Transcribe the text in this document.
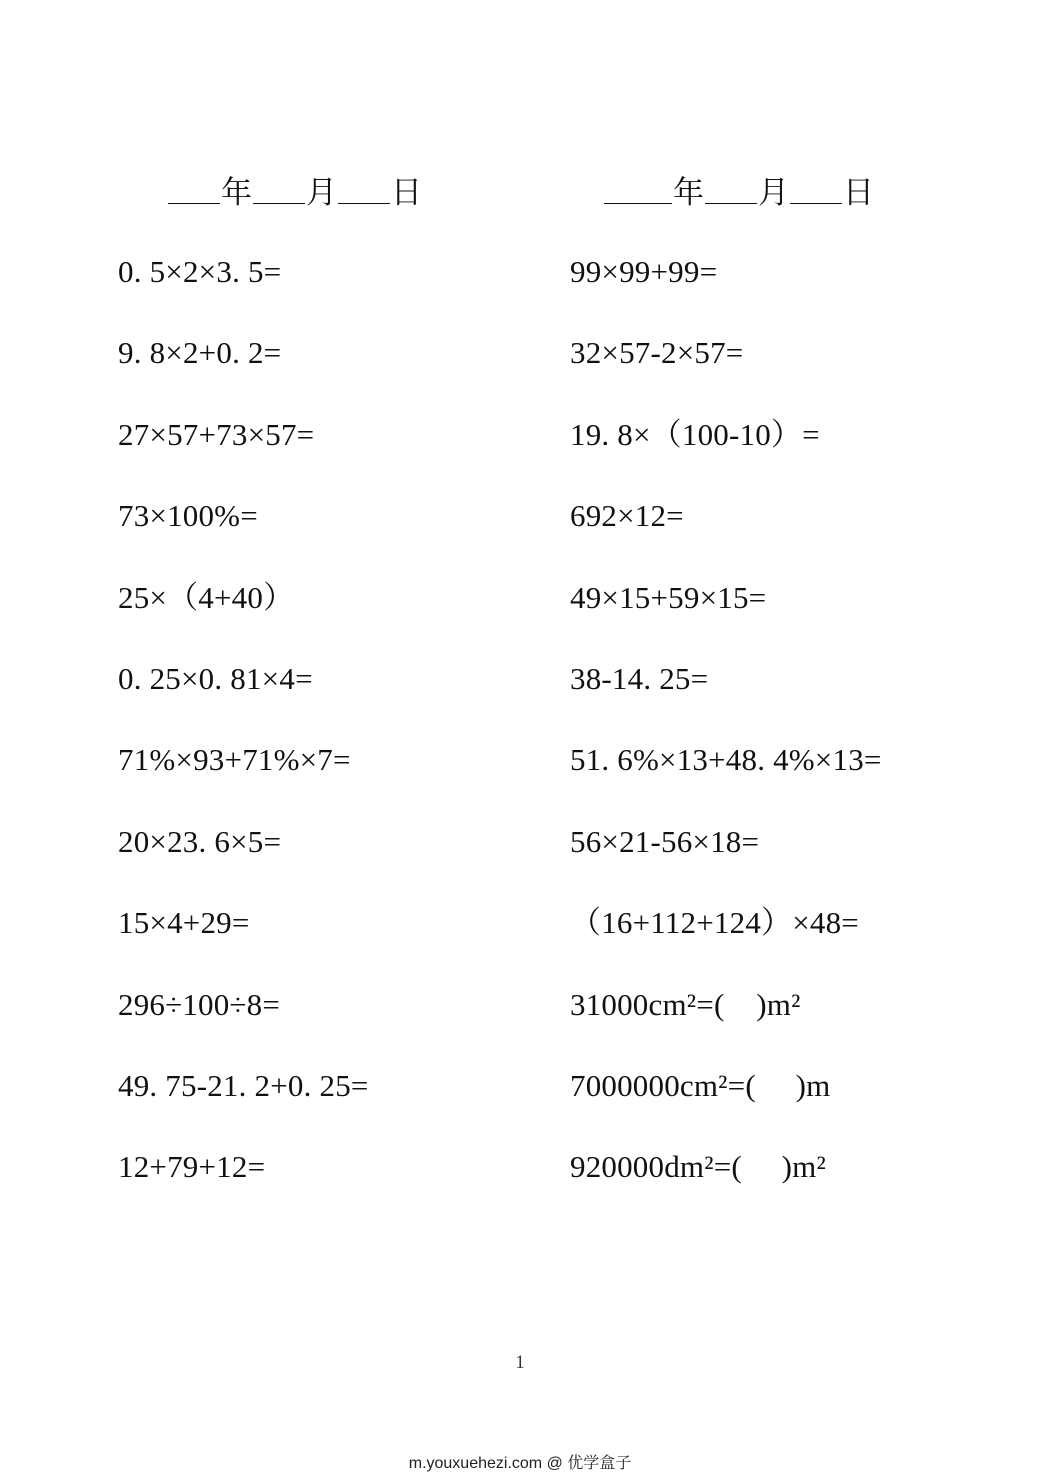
年 月 日	年 月 日
0. 5×2×3. 5=
9. 8×2+0. 2=
27×57+73×57=
73×100%=
25×（4+40）
0. 25×0. 81×4=
71%×93+71%×7=
20×23. 6×5=
15×4+29=
296÷100÷8=
49. 75-21. 2+0. 25=
12+79+12=
99×99+99=
32×57-2×57=
19. 8×（100-10）=
692×12=
49×15+59×15=
38-14. 25=
51. 6%×13+48. 4%×13=
56×21-56×18=
（16+112+124）×48=
31000cm²=(    )m²
7000000cm²=(     )m
920000dm²=(     )m²
1
m.youxuehezi.com @ 优学盒子
